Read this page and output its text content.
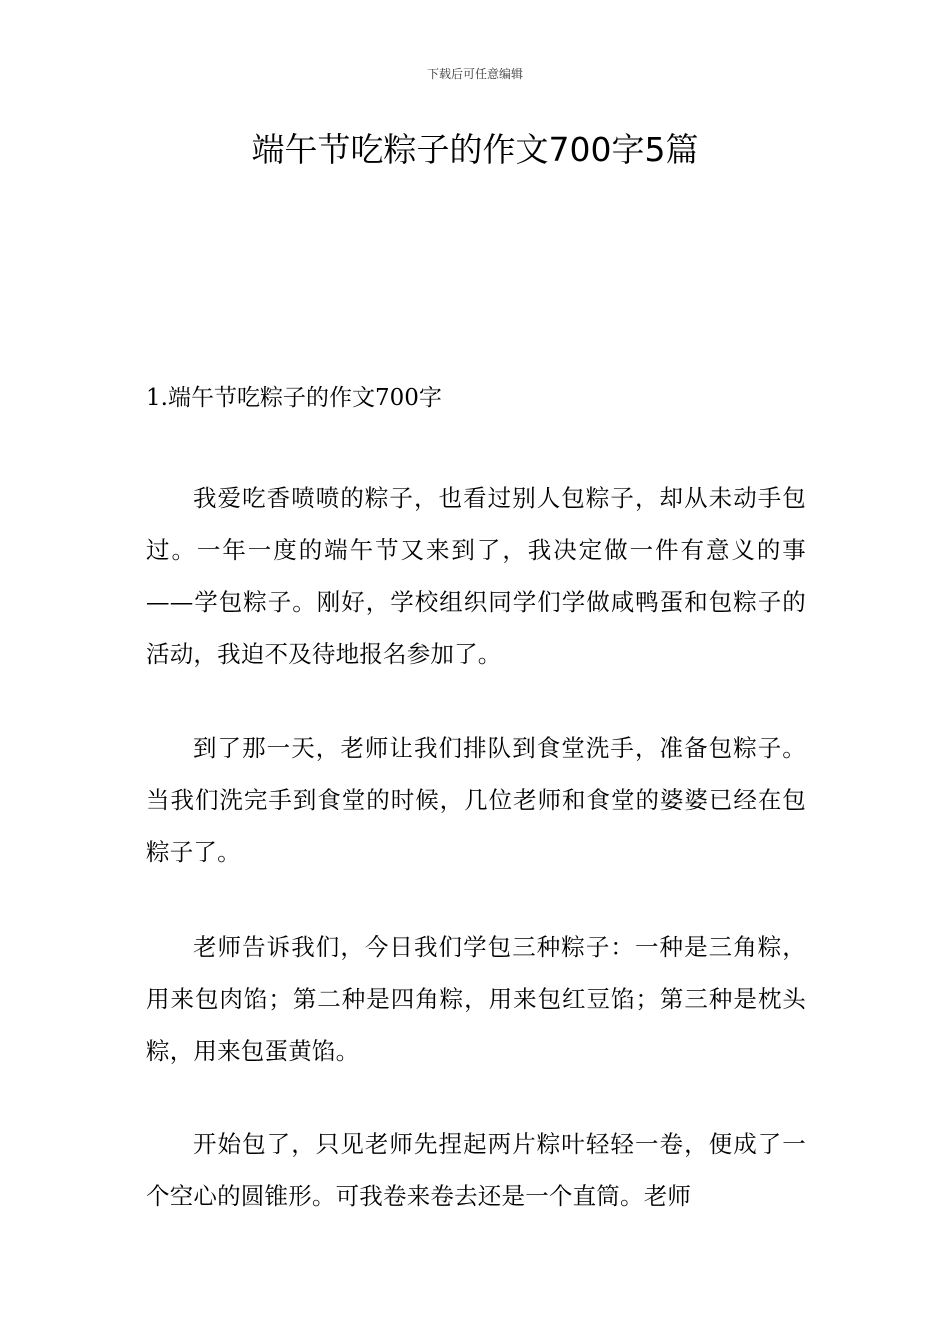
下载后可任意编辑
端午节吃粽子的作文700字5篇
1.端午节吃粽子的作文700字

我爱吃香喷喷的粽子，也看过别人包粽子，却从未动手包 过。一年一度的端午节又来到了，我决定做一件有意义的事——学包粽子。刚好，学校组织同学们学做咸鸭蛋和包粽子的活动，我迫不及待地报名参加了。

到了那一天，老师让我们排队到食堂洗手，准备包粽子。当我们洗完手到食堂的时候，几位老师和食堂的婆婆已经在包粽子了。

老师告诉我们，今日我们学包三种粽子：一种是三角粽，用来包肉馅；第二种是四角粽，用来包红豆馅；第三种是枕头粽，用来包蛋黄馅。

开始包了，只见老师先捏起两片粽叶轻轻一卷，便成了一个空心的圆锥形。可我卷来卷去还是一个直筒。老师
